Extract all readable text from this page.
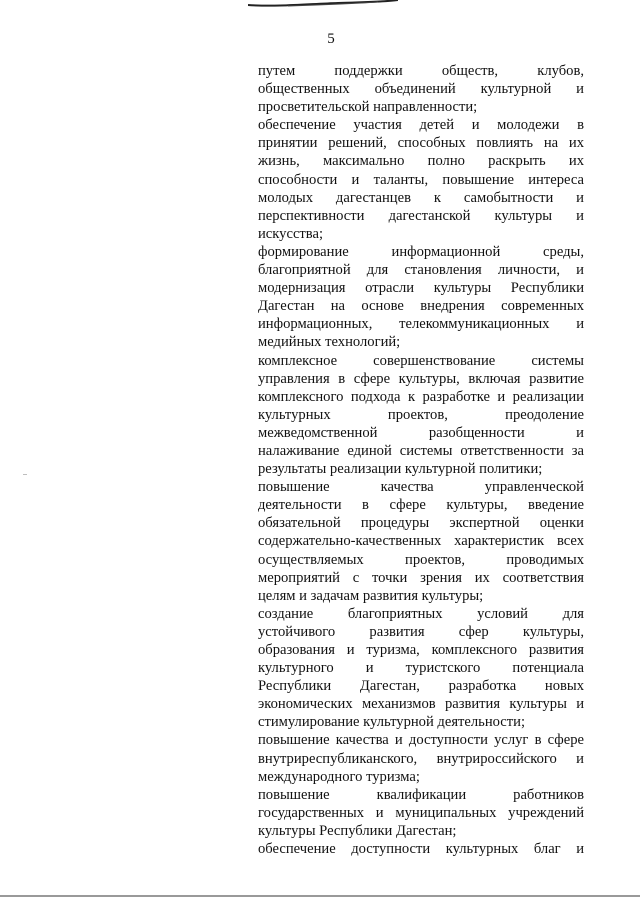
5
..
путем поддержки обществ, клубов,
общественных объединений культурной и
просветительской направленности;
обеспечение участия детей и молодежи в
принятии решений, способных повлиять на их
жизнь, максимально полно раскрыть их
способности и таланты, повышение интереса
молодых дагестанцев к самобытности и
перспективности дагестанской культуры и
искусства;
формирование информационной среды,
благоприятной для становления личности, и
модернизация отрасли культуры Республики
Дагестан на основе внедрения современных
информационных, телекоммуникационных и
медийных технологий;
комплексное совершенствование системы
управления в сфере культуры, включая развитие
комплексного подхода к разработке и реализации
культурных проектов, преодоление
межведомственной разобщенности и
налаживание единой системы ответственности за
результаты реализации культурной политики;
повышение качества управленческой
деятельности в сфере культуры, введение
обязательной процедуры экспертной оценки
содержательно-качественных характеристик всех
осуществляемых проектов, проводимых
мероприятий с точки зрения их соответствия
целям и задачам развития культуры;
создание благоприятных условий для
устойчивого развития сфер культуры,
образования и туризма, комплексного развития
культурного и туристского потенциала
Республики Дагестан, разработка новых
экономических механизмов развития культуры и
стимулирование культурной деятельности;
повышение качества и доступности услуг в сфере
внутриреспубликанского, внутрироссийского и
международного туризма;
повышение квалификации работников
государственных и муниципальных учреждений
культуры Республики Дагестан;
обеспечение доступности культурных благ и
